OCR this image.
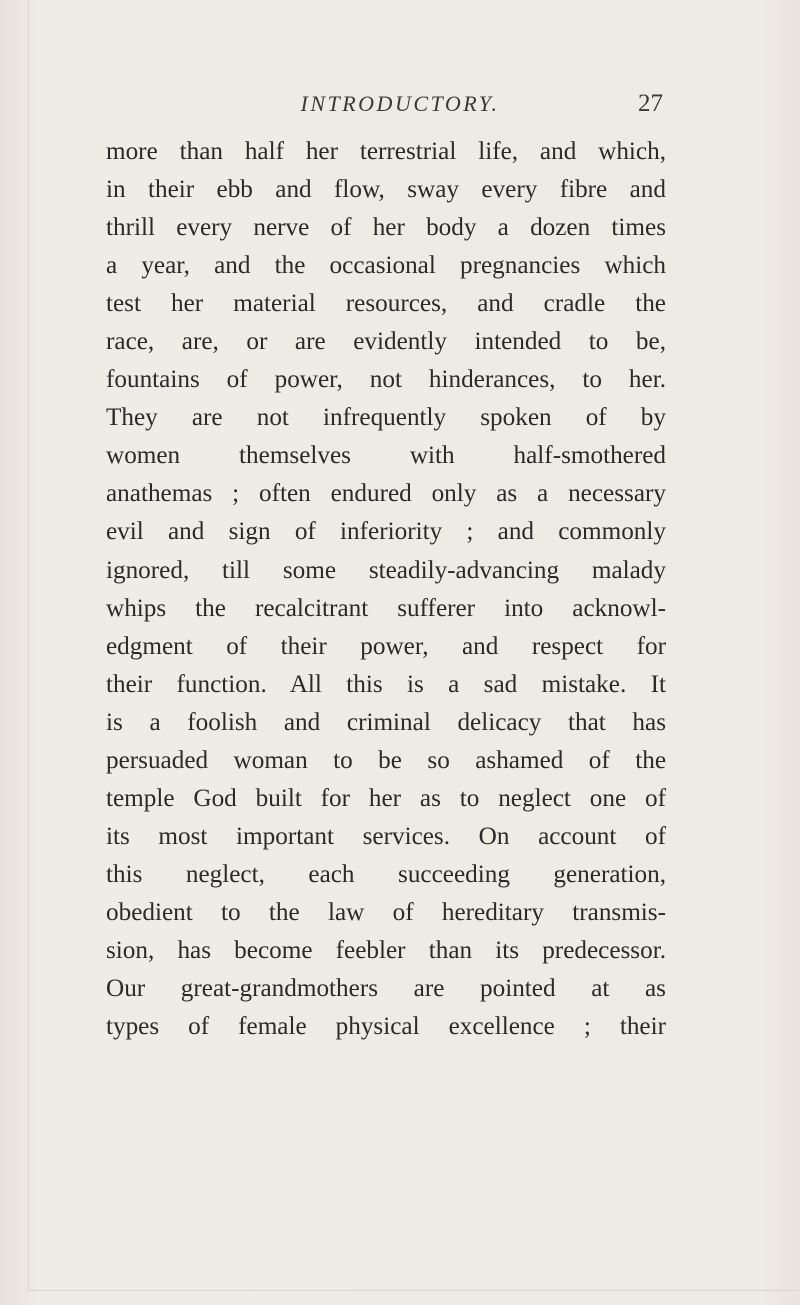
INTRODUCTORY.	27
more than half her terrestrial life, and which,
in their ebb and flow, sway every fibre and
thrill every nerve of her body a dozen times
a year, and the occasional pregnancies which
test her material resources, and cradle the
race, are, or are evidently intended to be,
fountains of power, not hinderances, to her.
They are not infrequently spoken of by
women themselves with half-smothered
anathemas ; often endured only as a necessary
evil and sign of inferiority ; and commonly
ignored, till some steadily-advancing malady
whips the recalcitrant sufferer into acknowl-
edgment of their power, and respect for
their function. All this is a sad mistake. It
is a foolish and criminal delicacy that has
persuaded woman to be so ashamed of the
temple God built for her as to neglect one of
its most important services. On account of
this neglect, each succeeding generation,
obedient to the law of hereditary transmis-
sion, has become feebler than its predecessor.
Our great-grandmothers are pointed at as
types of female physical excellence ; their
